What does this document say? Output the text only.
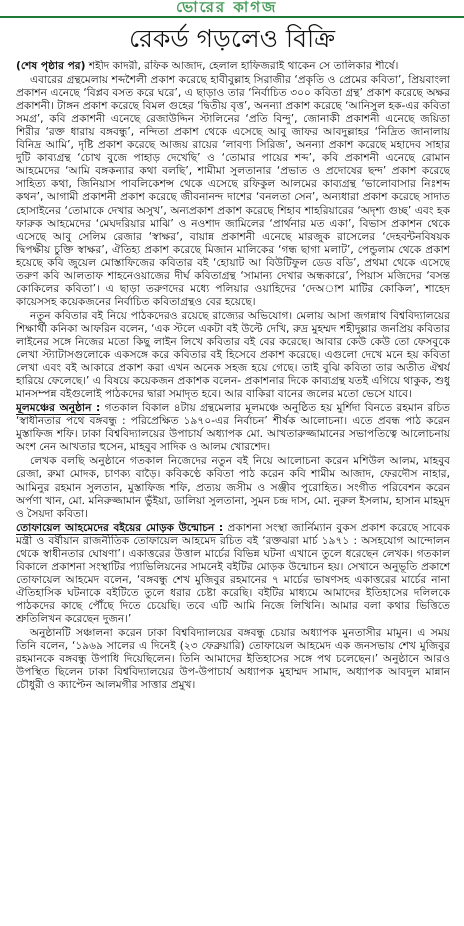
ভোরের কাগজ
রেকর্ড গড়লেও বিক্রি

(শেষ পৃষ্ঠার পর) শহীদ কাদরী, রফিক আজাদ, হেলাল হাফিজরাই থাকেন সে তালিকার শীর্ষে।

এবারের গ্রন্থমেলায় শব্দশৈলী প্রকাশ করেছে হাবীবুল্লাহ সিরাজীর ‘প্রকৃতি ও প্রেমের কবিতা’, প্রিয়বাংলা প্রকাশন এনেছে ‘বিপ্লব বসত করে ঘরে’, এ ছাড়াও তার ‘নির্বাচিত ৩০০ কবিতা গ্রন্থ’ প্রকাশ করেছে অক্ষর প্রকাশনী। টাঙ্গন প্রকাশ করেছে বিমল গুহের ‘দ্বিতীয় বৃত্ত’, অনন্যা প্রকাশ করেছে ‘আনিসুল হক-এর কবিতা সমগ্র’, কবি প্রকাশনী এনেছে রেজাউদ্দিন স্টালিনের ‘প্রতি বিন্দু’, জোনাকী প্রকাশনী এনেছে জয়িতা শিরীর ‘রক্ত ধারায় বঙ্গবন্ধু’, নন্দিতা প্রকাশ থেকে এসেছে আবু জাফর আবদুল্লাহর ‘নিদ্রিত জানালায় বিনিদ্র আমি’, দৃষ্টি প্রকাশ করেছে আজয় রায়ের ‘লাবণ্য সিরিজ’, অনন্যা প্রকাশ করেছে মহাদেব সাহার দুটি কাব্যগ্রন্থ ‘চোখ বুজে পাহাড় দেখেছি’ ও ‘তোমার পায়ের শব্দ’, কবি প্রকাশনী এনেছে রোমান আহমেদের ‘আমি বঙ্গকন্যার কথা বলছি’, শামীমা সুলতানার ‘প্রভাত ও প্রদোষের ছন্দ’ প্রকাশ করেছে সাহিত্য কথা, জিনিয়াস পাবলিকেশন্স থেকে এসেছে রফিকুল আলমের কাব্যগ্রন্থ ‘ভালোবাসার নিঃশব্দ কথন’, আগামী প্রকাশনী প্রকাশ করেছে জীবনানন্দ দাশের ‘বনলতা সেন’, অন্যধারা প্রকাশ করেছে সাদাত হোসাইনের ‘তোমাকে দেখার অসুখ’, অন্যপ্রকাশ প্রকাশ করেছে শিহাব শাহরিয়ারের ‘অদৃশ্য গুচ্ছ’ এবং হক ফারুক আহমেদের ‘মেঘদরিয়ার মাঝি’ ও নওশাদ জামিলের ‘প্রার্থনার মত একা’, বিভাস প্রকাশন থেকে এসেছে আবু সেলিম রেজার ‘স্বাক্ষর’, বায়ান্ন প্রকাশনী এনেছে মারজুক রাসেলের ‘দেহবন্টনবিষয়ক দ্বিপক্ষীয় চুক্তি স্বাক্ষর’, ঐতিহ্য প্রকাশ করেছে মিজান মালিকের ‘গন্ধ ছাগা মলাট’, পেন্ডুলাম থেকে প্রকাশ হয়েছে কবি জুয়েল মোস্তাফিজের কবিতার বই ‘হোয়াট আ বিউটিফুল ডেড বডি’, প্রথমা থেকে এসেছে তরুণ কবি আলতাফ শাহনেওয়াজের দীর্ঘ কবিতাগ্রন্থ ‘সামান্য দেখার অন্ধকারে’, পিয়াস মজিদের ‘বসন্ত কোকিলের কবিতা’। এ ছাড়া তরুণদের মধ্যে পলিয়ার ওয়াহিদের ‘দেঅাশ মাটির কোকিল’, শাহেদ কায়েসসহ কয়েকজনের নির্বাচিত কবিতাগ্রন্থও বের হয়েছে।

নতুন কবিতার বই নিয়ে পাঠকদেরও রয়েছে রাজ্যের অভিযোগ। মেলায় আসা জগন্নাথ বিশ্ববিদ্যালয়ের শিক্ষার্থী কনিকা আফরিন বলেন, ‘এক স্টলে একটা বই উল্টে দেখি, রুদ্র মুহম্মদ শহীদুল্লার জনপ্রিয় কবিতার লাইনের সঙ্গে নিজের মতো কিছু লাইন লিখে কবিতার বই বের করেছে। আবার কেউ কেউ তো ফেসবুকে লেখা স্ট্যাটাসগুলোকে একসঙ্গে করে কবিতার বই হিসেবে প্রকাশ করেছে। এগুলো দেখে মনে হয় কবিতা লেখা এবং বই আকারে প্রকাশ করা এখন অনেক সহজ হয়ে গেছে। তাই বুঝি কবিতা তার অতীত ঐশ্বর্য হারিয়ে ফেলেছে।’ এ বিষয়ে কয়েকজন প্রকাশক বলেন- প্রকাশনার দিকে কাব্যগ্রন্থ যতই এগিয়ে থাকুক, শুধু মানসম্পন্ন বইগুলোই পাঠকদের দ্বারা সমাদৃত হবে। আর বাকিরা বানের জলের মতো ভেসে যাবে।

মূলমঞ্চের অনুষ্ঠান : গতকাল বিকাল ৪টায় গ্রন্থমেলার মূলমঞ্চে অনুষ্ঠিত হয় মুর্শিদা বিনতে রহমান রচিত ‘স্বাধীনতার পথে বঙ্গবন্ধু : পরিপ্রেক্ষিত ১৯৭০-এর নির্বাচন’ শীর্ষক আলোচনা। এতে প্রবন্ধ পাঠ করেন মুস্তাফিজ শফি। ঢাকা বিশ্ববিদ্যালয়ের উপাচার্য অধ্যাপক মো. আখতারুজ্জামানের সভাপতিত্বে আলোচনায় অংশ নেন আখতার হুসেন, মাহবুব সাদিক ও আলম খোরশেদ।

লেখক বলছি অনুষ্ঠানে গতকাল নিজেদের নতুন বই নিয়ে আলোচনা করেন মশিউল আলম, মাহবুব রেজা, রুমা মোদক, চাণক্য বাড়ৈ। কবিকণ্ঠে কবিতা পাঠ করেন কবি শামীম আজাদ, ফেরদৌস নাহার, আমিনুর রহমান সুলতান, মুস্তাফিজ শফি, প্রত্যয় জসীম ও সঞ্জীব পুরোহিত। সংগীত পরিবেশন করেন অর্পণা খান, মো. মনিরুজ্জামান ভুঁইয়া, ডালিয়া সুলতানা, সুমন চন্দ্র দাস, মো. নুরুল ইসলাম, হাসান মাহমুদ ও সৈয়দা কবিতা।

তোফায়েল আহমেদের বইয়ের মোড়ক উন্মোচন : প্রকাশনা সংস্থা জার্নিম্যান বুকস প্রকাশ করেছে সাবেক মন্ত্রী ও বর্ষীয়ান রাজনীতিক তোফায়েল আহমেদ রচিত বই ‘রক্তঝরা মার্চ ১৯৭১ : অসহযোগ আন্দোলন থেকে স্বাধীনতার ঘোষণা’। একাত্তরের উত্তাল মার্চের বিভিন্ন ঘটনা এখানে তুলে ধরেছেন লেখক। গতকাল বিকালে প্রকাশনা সংস্থাটির প্যাভিলিয়নের সামনেই বইটির মোড়ক উন্মোচন হয়। সেখানে অনুভূতি প্রকাশে তোফায়েল আহমেদ বলেন, ‘বঙ্গবন্ধু শেখ মুজিবুর রহমানের ৭ মার্চের ভাষণসহ একাত্তরের মার্চের নানা ঐতিহাসিক ঘটনাকে বইটিতে তুলে ধরার চেষ্টা করেছি। বইটির মাধ্যমে আমাদের ইতিহাসের দলিলকে পাঠকদের কাছে পৌঁছে দিতে চেয়েছি। তবে এটি আমি নিজে লিখিনি। আমার বলা কথার ভিত্তিতে শ্রুতিলিখন করেছেন দুজন।’

অনুষ্ঠানটি সঞ্চালনা করেন ঢাকা বিশ্ববিদ্যালয়ের বঙ্গবন্ধু চেয়ার অধ্যাপক মুনতাসীর মামুন। এ সময় তিনি বলেন, ‘১৯৬৯ সালের এ দিনেই (২৩ ফেব্রুয়ারি) তোফায়েল আহমেদ এক জনসভায় শেখ মুজিবুর রহমানকে বঙ্গবন্ধু উপাধি দিয়েছিলেন। তিনি আমাদের ইতিহাসের সঙ্গে পথ চলেছেন।’ অনুষ্ঠানে আরও উপস্থিত ছিলেন ঢাকা বিশ্ববিদ্যালয়ের উপ-উপাচার্য অধ্যাপক মুহাম্মদ সামাদ, অধ্যাপক আবদুল মান্নান চৌধুরী ও ক্যাপ্টেন আলমগীর সাত্তার প্রমুখ।
